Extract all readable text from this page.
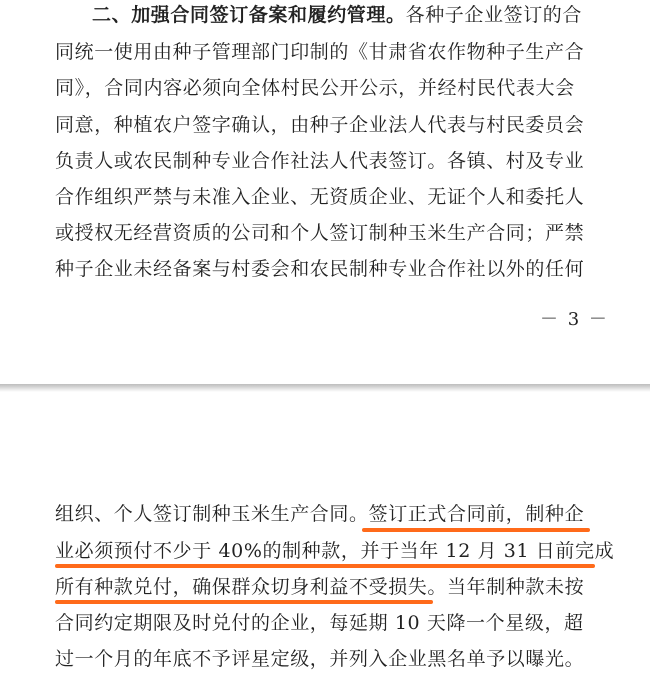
二、加强合同签订备案和履约管理。各种子企业签订的合
同统一使用由种子管理部门印制的《甘肃省农作物种子生产合
同》，合同内容必须向全体村民公开公示，并经村民代表大会
同意，种植农户签字确认，由种子企业法人代表与村民委员会
负责人或农民制种专业合作社法人代表签订。各镇、村及专业
合作组织严禁与未准入企业、无资质企业、无证个人和委托人
或授权无经营资质的公司和个人签订制种玉米生产合同；严禁
种子企业未经备案与村委会和农民制种专业合作社以外的任何
－ 3 －
组织、个人签订制种玉米生产合同。签订正式合同前，制种企
业必须预付不少于 40%的制种款，并于当年 12 月 31 日前完成
所有种款兑付，确保群众切身利益不受损失。当年制种款未按
合同约定期限及时兑付的企业，每延期 10 天降一个星级，超
过一个月的年底不予评星定级，并列入企业黑名单予以曝光。
